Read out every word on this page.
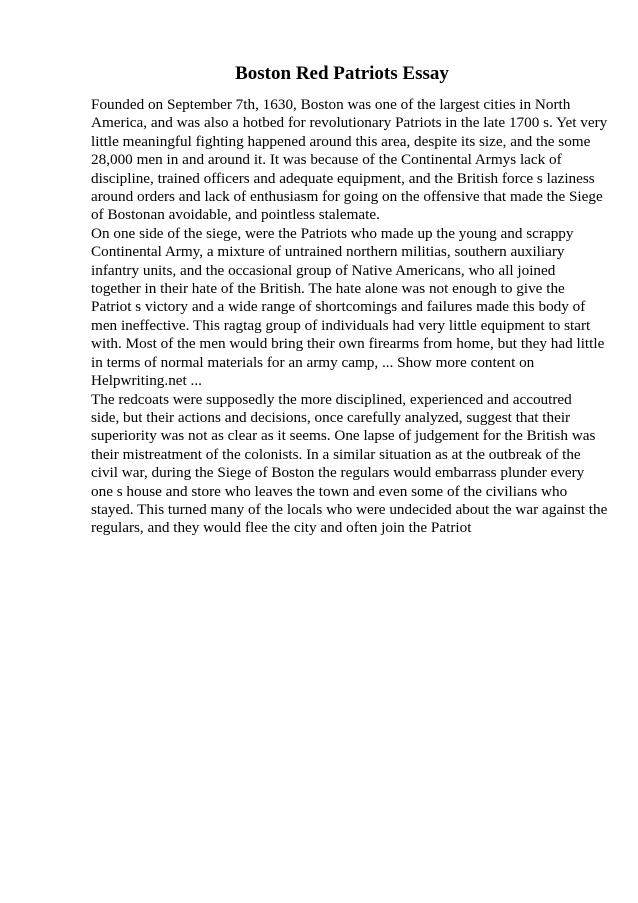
Boston Red Patriots Essay
Founded on September 7th, 1630, Boston was one of the largest cities in North
America, and was also a hotbed for revolutionary Patriots in the late 1700 s. Yet very
little meaningful fighting happened around this area, despite its size, and the some
28,000 men in and around it. It was because of the Continental Armys lack of
discipline, trained officers and adequate equipment, and the British force s laziness
around orders and lack of enthusiasm for going on the offensive that made the Siege
of Bostonan avoidable, and pointless stalemate.
On one side of the siege, were the Patriots who made up the young and scrappy
Continental Army, a mixture of untrained northern militias, southern auxiliary
infantry units, and the occasional group of Native Americans, who all joined
together in their hate of the British. The hate alone was not enough to give the
Patriot s victory and a wide range of shortcomings and failures made this body of
men ineffective. This ragtag group of individuals had very little equipment to start
with. Most of the men would bring their own firearms from home, but they had little
in terms of normal materials for an army camp, ... Show more content on
Helpwriting.net ...
The redcoats were supposedly the more disciplined, experienced and accoutred
side, but their actions and decisions, once carefully analyzed, suggest that their
superiority was not as clear as it seems. One lapse of judgement for the British was
their mistreatment of the colonists. In a similar situation as at the outbreak of the
civil war, during the Siege of Boston the regulars would embarrass plunder every
one s house and store who leaves the town and even some of the civilians who
stayed. This turned many of the locals who were undecided about the war against the
regulars, and they would flee the city and often join the Patriot
